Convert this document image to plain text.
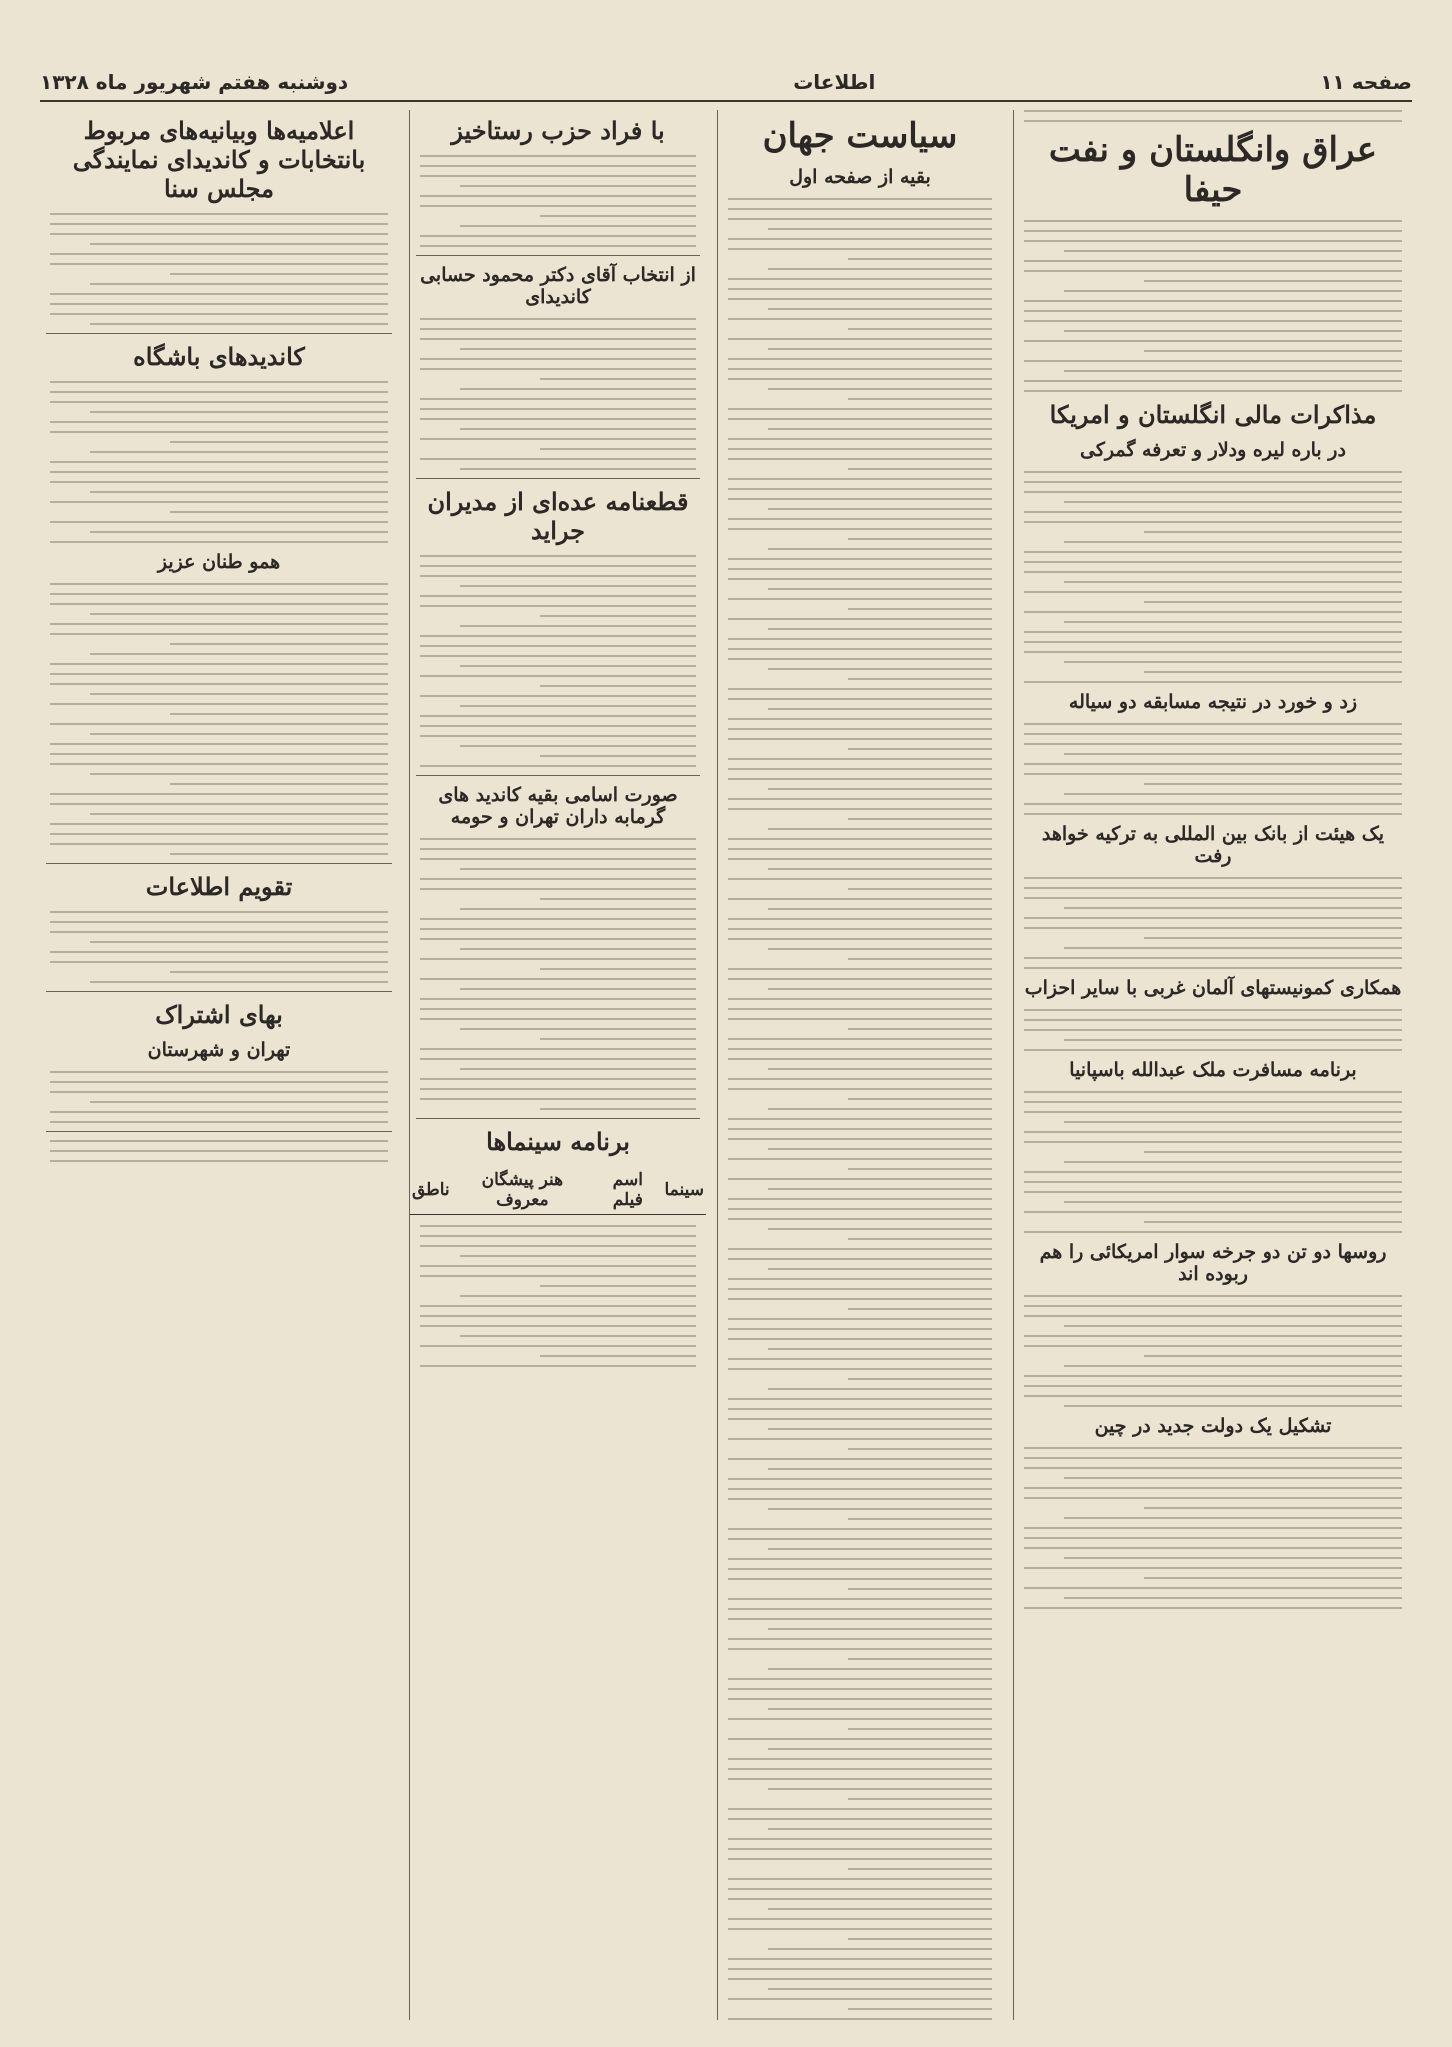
صفحه ۱۱
اطلاعات
دوشنبه هفتم شهریور ماه ۱۳۲۸
عراق وانگلستان و نفت حیفا
مذاکرات مالی انگلستان و امریکا
در باره لیره ودلار و تعرفه گمرکی
زد و خورد در نتیجه مسابقه دو سیاله
یک هیئت از بانک بین المللی به ترکیه خواهد رفت
همکاری کمونیستهای آلمان غربی با سایر احزاب
برنامه مسافرت ملک عبدالله باسپانیا
روسها دو تن دو جرخه سوار امریکائی را هم ربوده اند
تشکیل یک دولت جدید در چین
سیاست جهان
بقیه از صفحه اول
با فراد حزب رستاخیز
از انتخاب آقای دکتر محمود حسابی کاندیدای
قطعنامه عده‌ای از مدیران جراید
صورت اسامی بقیه کاندید های گرمابه داران تهران و حومه
برنامه سینماها
سینما	اسم فیلم	هنر پیشگان معروف	ناطق
اعلامیه‌ها وبیانیه‌های مربوط بانتخابات و کاندیدای نمایندگی مجلس سنا
کاندیدهای باشگاه
همو طنان عزیز
تقویم اطلاعات
بهای اشتراک
تهران و شهرستان
